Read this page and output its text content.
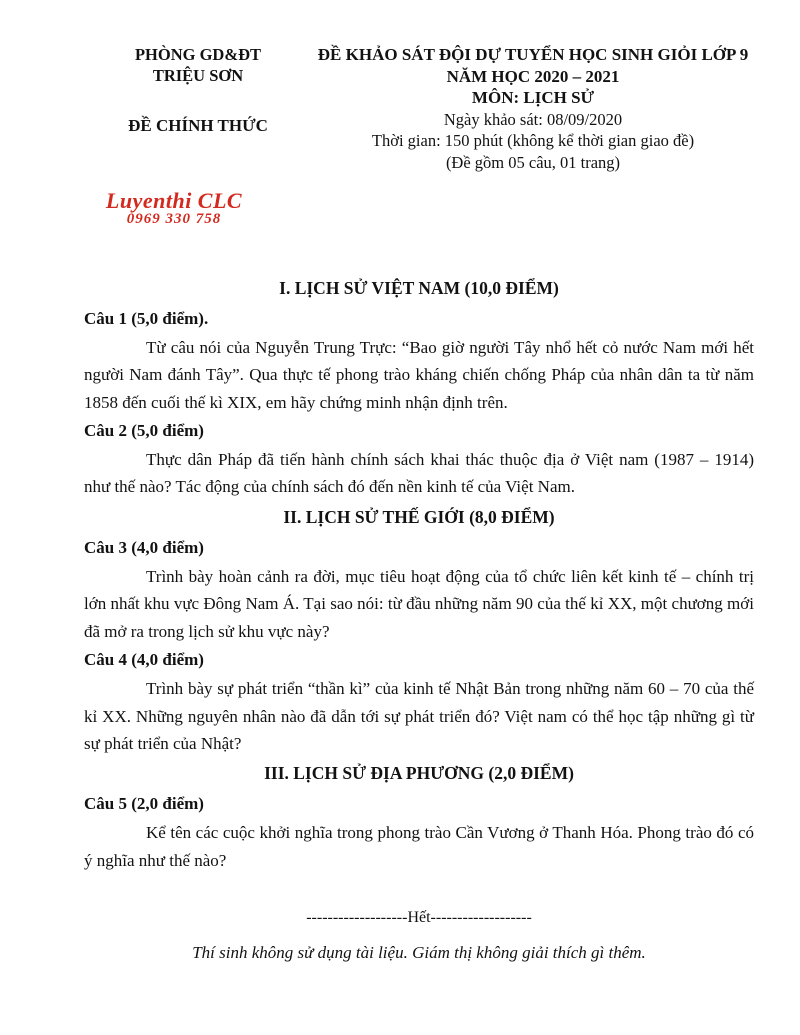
PHÒNG GD&ĐT
TRIỆU SƠN
ĐỀ CHÍNH THỨC
ĐỀ KHẢO SÁT ĐỘI DỰ TUYỂN HỌC SINH GIỎI LỚP 9
NĂM HỌC 2020 – 2021
MÔN: LỊCH SỬ
Ngày khảo sát: 08/09/2020
Thời gian: 150 phút (không kể thời gian giao đề)
(Đề gồm 05 câu, 01 trang)
Luyenthi CLC
0969 330 758
I. LỊCH SỬ VIỆT NAM (10,0 ĐIỂM)

Câu 1 (5,0 điểm).

Từ câu nói của Nguyễn Trung Trực: “Bao giờ người Tây nhổ hết cỏ nước Nam mới hết người Nam đánh Tây”. Qua thực tế phong trào kháng chiến chống Pháp của nhân dân ta từ năm 1858 đến cuối thế kì XIX, em hãy chứng minh nhận định trên.

Câu 2 (5,0 điểm)

Thực dân Pháp đã tiến hành chính sách khai thác thuộc địa ở Việt nam (1987 – 1914) như thế nào? Tác động của chính sách đó đến nền kinh tế của Việt Nam.

II. LỊCH SỬ THẾ GIỚI (8,0 ĐIỂM)

Câu 3 (4,0 điểm)

Trình bày hoàn cảnh ra đời, mục tiêu hoạt động của tổ chức liên kết kinh tế – chính trị lớn nhất khu vực Đông Nam Á. Tại sao nói: từ đầu những năm 90 của thế kỉ XX, một chương mới đã mở ra trong lịch sử khu vực này?

Câu 4 (4,0 điểm)

Trình bày sự phát triển “thần kì” của kinh tế Nhật Bản trong những năm 60 – 70 của thế kỉ XX. Những nguyên nhân nào đã dẫn tới sự phát triển đó? Việt nam có thể học tập những gì từ sự phát triển của Nhật?

III. LỊCH SỬ ĐỊA PHƯƠNG (2,0 ĐIỂM)

Câu 5 (2,0 điểm)

Kể tên các cuộc khởi nghĩa trong phong trào Cần Vương ở Thanh Hóa. Phong trào đó có ý nghĩa như thế nào?

-------------------Hết-------------------
Thí sinh không sử dụng tài liệu. Giám thị không giải thích gì thêm.
